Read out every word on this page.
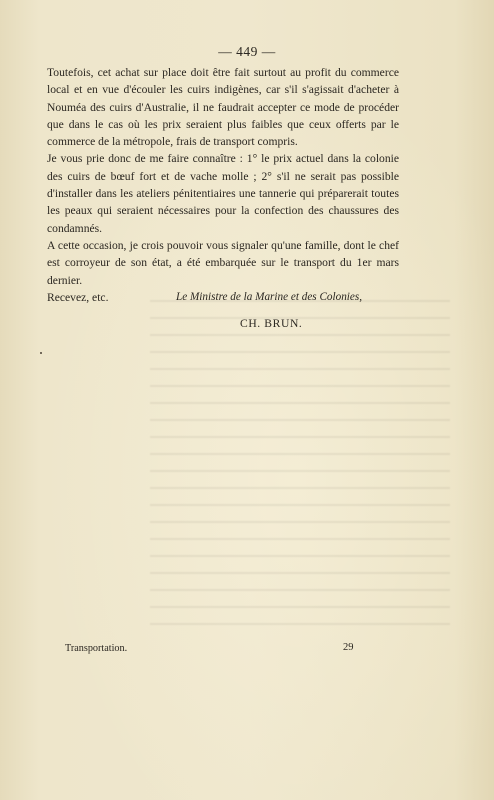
— 449 —

Toutefois, cet achat sur place doit être fait surtout au profit du commerce local et en vue d'écouler les cuirs indigènes, car s'il s'agissait d'acheter à Nouméa des cuirs d'Australie, il ne faudrait accepter ce mode de procéder que dans le cas où les prix seraient plus faibles que ceux offerts par le commerce de la métropole, frais de transport compris.

Je vous prie donc de me faire connaître : 1° le prix actuel dans la colonie des cuirs de bœuf fort et de vache molle ; 2° s'il ne serait pas possible d'installer dans les ateliers pénitentiaires une tannerie qui préparerait toutes les peaux qui seraient nécessaires pour la confection des chaussures des condamnés.

A cette occasion, je crois pouvoir vous signaler qu'une famille, dont le chef est corroyeur de son état, a été embarquée sur le transport du 1er mars dernier.

Recevez, etc.	Le Ministre de la Marine et des Colonies,
CH. BRUN.
Transportation.	29
